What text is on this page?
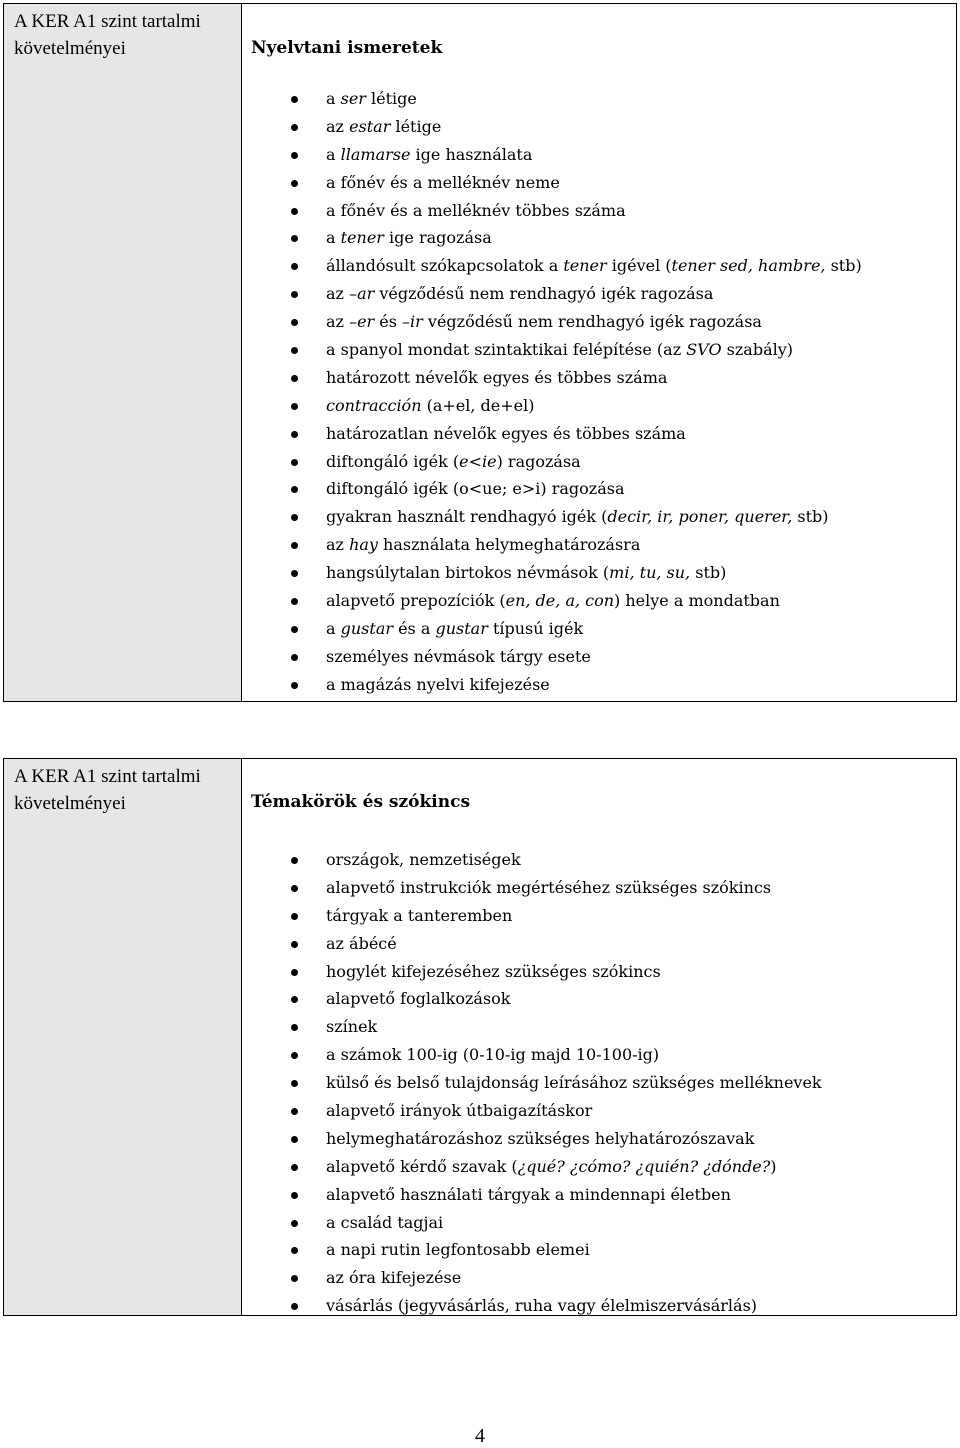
A KER A1 szint tartalmi követelményei	Nyelvtani ismeretek
a ser létige
az estar létige
a llamarse ige használata
a főnév és a melléknév neme
a főnév és a melléknév többes száma
a tener ige ragozása
állandósult szókapcsolatok a tener igével (tener sed, hambre, stb)
az –ar végződésű nem rendhagyó igék ragozása
az –er és –ir végződésű nem rendhagyó igék ragozása
a spanyol mondat szintaktikai felépítése (az SVO szabály)
határozott névelők egyes és többes száma
contracción (a+el, de+el)
határozatlan névelők egyes és többes száma
diftongáló igék (e<ie) ragozása
diftongáló igék (o<ue; e>i) ragozása
gyakran használt rendhagyó igék (decir, ir, poner, querer, stb)
az hay használata helymeghatározásra
hangsúlytalan birtokos névmások (mi, tu, su, stb)
alapvető prepozíciók (en, de, a, con) helye a mondatban
a gustar és a gustar típusú igék
személyes névmások tárgy esete
a magázás nyelvi kifejezése
A KER A1 szint tartalmi követelményei	Témakörök és szókincs
országok, nemzetiségek
alapvető instrukciók megértéséhez szükséges szókincs
tárgyak a tanteremben
az ábécé
hogylét kifejezéséhez szükséges szókincs
alapvető foglalkozások
színek
a számok 100-ig (0-10-ig majd 10-100-ig)
külső és belső tulajdonság leírásához szükséges melléknevek
alapvető irányok útbaigazításkor
helymeghatározáshoz szükséges helyhatározószavak
alapvető kérdő szavak (¿qué? ¿cómo? ¿quién? ¿dónde?)
alapvető használati tárgyak a mindennapi életben
a család tagjai
a napi rutin legfontosabb elemei
az óra kifejezése
vásárlás (jegyvásárlás, ruha vagy élelmiszervásárlás)
4
